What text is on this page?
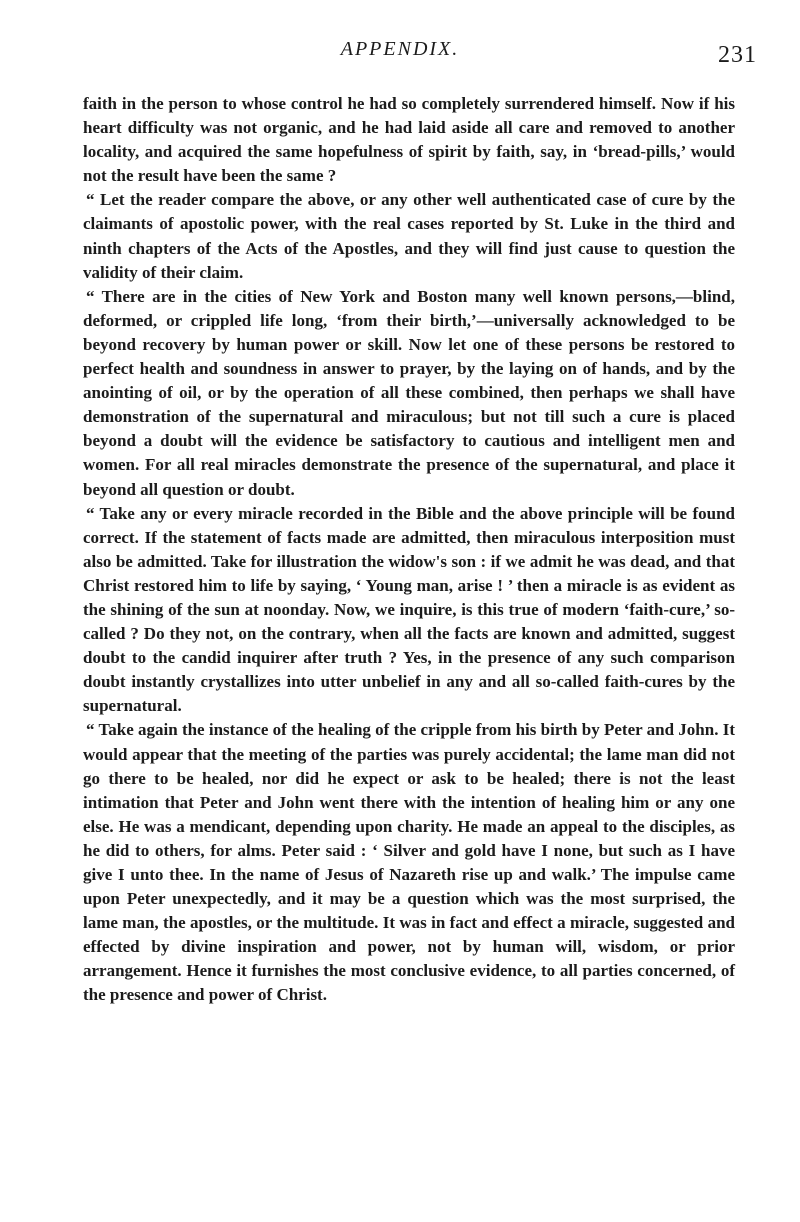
APPENDIX.	231

faith in the person to whose control he had so completely surrendered himself. Now if his heart difficulty was not organic, and he had laid aside all care and removed to another locality, and acquired the same hopefulness of spirit by faith, say, in ‘bread-pills,’ would not the result have been the same ?

“ Let the reader compare the above, or any other well authenticated case of cure by the claimants of apostolic power, with the real cases reported by St. Luke in the third and ninth chapters of the Acts of the Apostles, and they will find just cause to question the validity of their claim.

“ There are in the cities of New York and Boston many well known persons,—blind, deformed, or crippled life long, ‘from their birth,’—universally acknowledged to be beyond recovery by human power or skill. Now let one of these persons be restored to perfect health and soundness in answer to prayer, by the laying on of hands, and by the anointing of oil, or by the operation of all these combined, then perhaps we shall have demonstration of the supernatural and miraculous; but not till such a cure is placed beyond a doubt will the evidence be satisfactory to cautious and intelligent men and women. For all real miracles demonstrate the presence of the supernatural, and place it beyond all question or doubt.

“ Take any or every miracle recorded in the Bible and the above principle will be found correct. If the statement of facts made are admitted, then miraculous interposition must also be admitted. Take for illustration the widow's son : if we admit he was dead, and that Christ restored him to life by saying, ‘ Young man, arise ! ’ then a miracle is as evident as the shining of the sun at noonday. Now, we inquire, is this true of modern ‘faith-cure,’ so-called ? Do they not, on the contrary, when all the facts are known and admitted, suggest doubt to the candid inquirer after truth ? Yes, in the presence of any such comparison doubt instantly crystallizes into utter unbelief in any and all so-called faith-cures by the supernatural.

“ Take again the instance of the healing of the cripple from his birth by Peter and John. It would appear that the meeting of the parties was purely accidental; the lame man did not go there to be healed, nor did he expect or ask to be healed; there is not the least intimation that Peter and John went there with the intention of healing him or any one else. He was a mendicant, depending upon charity. He made an appeal to the disciples, as he did to others, for alms. Peter said : ‘ Silver and gold have I none, but such as I have give I unto thee. In the name of Jesus of Nazareth rise up and walk.’ The impulse came upon Peter unexpectedly, and it may be a question which was the most surprised, the lame man, the apostles, or the multitude. It was in fact and effect a miracle, suggested and effected by divine inspiration and power, not by human will, wisdom, or prior arrangement. Hence it furnishes the most conclusive evidence, to all parties concerned, of the presence and power of Christ.
